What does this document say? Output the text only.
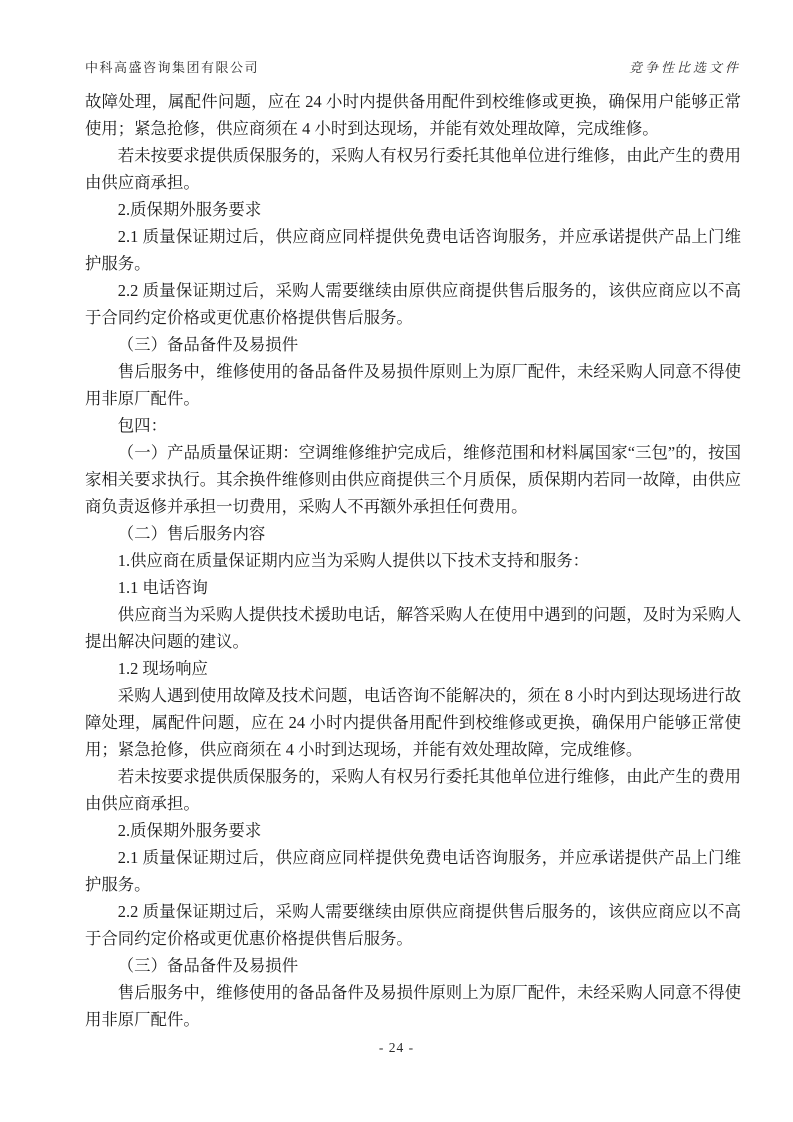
中科高盛咨询集团有限公司	竞争性比选文件

故障处理，属配件问题，应在 24 小时内提供备用配件到校维修或更换，确保用户能够正常使用；紧急抢修，供应商须在 4 小时到达现场，并能有效处理故障，完成维修。

若未按要求提供质保服务的，采购人有权另行委托其他单位进行维修，由此产生的费用由供应商承担。

2.质保期外服务要求

2.1 质量保证期过后，供应商应同样提供免费电话咨询服务，并应承诺提供产品上门维护服务。

2.2 质量保证期过后，采购人需要继续由原供应商提供售后服务的，该供应商应以不高于合同约定价格或更优惠价格提供售后服务。

（三）备品备件及易损件

售后服务中，维修使用的备品备件及易损件原则上为原厂配件，未经采购人同意不得使用非原厂配件。

包四：

（一）产品质量保证期：空调维修维护完成后，维修范围和材料属国家“三包”的，按国家相关要求执行。其余换件维修则由供应商提供三个月质保，质保期内若同一故障，由供应商负责返修并承担一切费用，采购人不再额外承担任何费用。

（二）售后服务内容

1.供应商在质量保证期内应当为采购人提供以下技术支持和服务：

1.1 电话咨询

供应商当为采购人提供技术援助电话，解答采购人在使用中遇到的问题，及时为采购人提出解决问题的建议。

1.2 现场响应

采购人遇到使用故障及技术问题，电话咨询不能解决的，须在 8 小时内到达现场进行故障处理，属配件问题，应在 24 小时内提供备用配件到校维修或更换，确保用户能够正常使用；紧急抢修，供应商须在 4 小时到达现场，并能有效处理故障，完成维修。

若未按要求提供质保服务的，采购人有权另行委托其他单位进行维修，由此产生的费用由供应商承担。

2.质保期外服务要求

2.1 质量保证期过后，供应商应同样提供免费电话咨询服务，并应承诺提供产品上门维护服务。

2.2 质量保证期过后，采购人需要继续由原供应商提供售后服务的，该供应商应以不高于合同约定价格或更优惠价格提供售后服务。

（三）备品备件及易损件

售后服务中，维修使用的备品备件及易损件原则上为原厂配件，未经采购人同意不得使用非原厂配件。

- 24 -
